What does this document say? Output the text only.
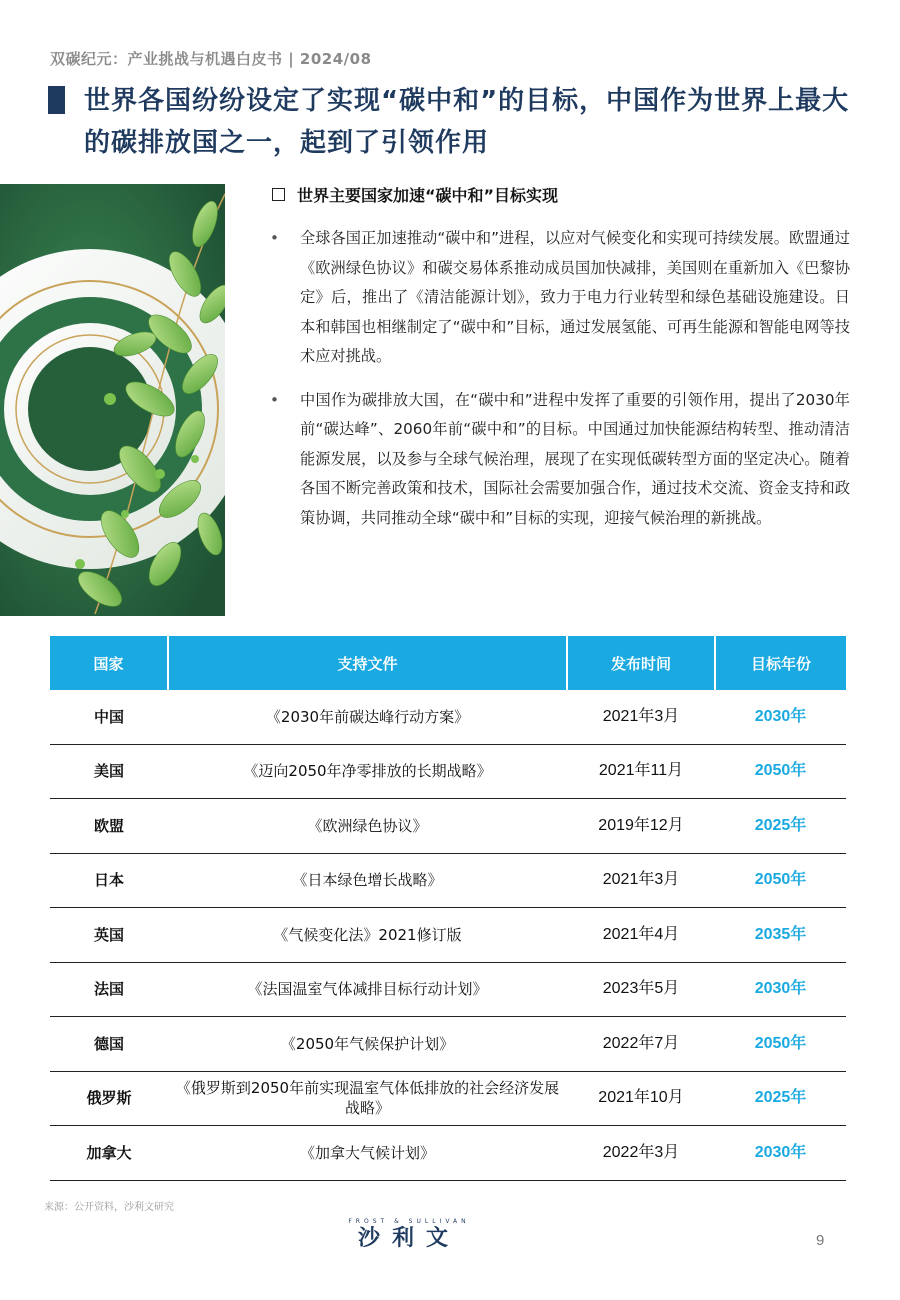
双碳纪元：产业挑战与机遇白皮书 | 2024/08
世界各国纷纷设定了实现“碳中和”的目标，中国作为世界上最大的碳排放国之一，起到了引领作用
世界主要国家加速“碳中和”目标实现
• 全球各国正加速推动“碳中和”进程，以应对气候变化和实现可持续发展。欧盟通过《欧洲绿色协议》和碳交易体系推动成员国加快减排，美国则在重新加入《巴黎协定》后，推出了《清洁能源计划》，致力于电力行业转型和绿色基础设施建设。日本和韩国也相继制定了“碳中和”目标，通过发展氢能、可再生能源和智能电网等技术应对挑战。
• 中国作为碳排放大国，在“碳中和”进程中发挥了重要的引领作用，提出了2030年前“碳达峰”、2060年前“碳中和”的目标。中国通过加快能源结构转型、推动清洁能源发展，以及参与全球气候治理，展现了在实现低碳转型方面的坚定决心。随着各国不断完善政策和技术，国际社会需要加强合作，通过技术交流、资金支持和政策协调，共同推动全球“碳中和”目标的实现，迎接气候治理的新挑战。
国家	支持文件	发布时间	目标年份
中国	《2030年前碳达峰行动方案》	2021年3月	2030年
美国	《迈向2050年净零排放的长期战略》	2021年11月	2050年
欧盟	《欧洲绿色协议》	2019年12月	2025年
日本	《日本绿色增长战略》	2021年3月	2050年
英国	《气候变化法》2021修订版	2021年4月	2035年
法国	《法国温室气体减排目标行动计划》	2023年5月	2030年
德国	《2050年气候保护计划》	2022年7月	2050年
俄罗斯	《俄罗斯到2050年前实现温室气体低排放的社会经济发展战略》	2021年10月	2025年
加拿大	《加拿大气候计划》	2022年3月	2030年
来源：公开资料，沙利文研究
FROST & SULLIVAN
沙利文	9
